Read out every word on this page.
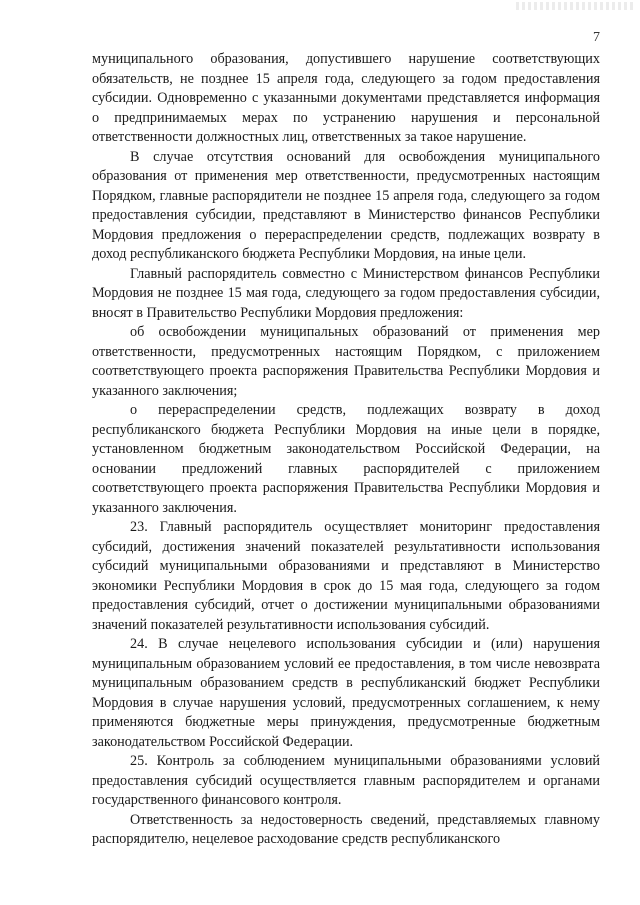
7

муниципального образования, допустившего нарушение соответствующих обязательств, не позднее 15 апреля года, следующего за годом предоставления субсидии. Одновременно с указанными документами представляется информация о предпринимаемых мерах по устранению нарушения и персональной ответственности должностных лиц, ответственных за такое нарушение.

В случае отсутствия оснований для освобождения муниципального образования от применения мер ответственности, предусмотренных настоящим Порядком, главные распорядители не позднее 15 апреля года, следующего за годом предоставления субсидии, представляют в Министерство финансов Республики Мордовия предложения о перераспределении средств, подлежащих возврату в доход республиканского бюджета Республики Мордовия, на иные цели.

Главный распорядитель совместно с Министерством финансов Республики Мордовия не позднее 15 мая года, следующего за годом предоставления субсидии, вносят в Правительство Республики Мордовия предложения:

об освобождении муниципальных образований от применения мер ответственности, предусмотренных настоящим Порядком, с приложением соответствующего проекта распоряжения Правительства Республики Мордовия и указанного заключения;

о перераспределении средств, подлежащих возврату в доход республиканского бюджета Республики Мордовия на иные цели в порядке, установленном бюджетным законодательством Российской Федерации, на основании предложений главных распорядителей с приложением соответствующего проекта распоряжения Правительства Республики Мордовия и указанного заключения.

23. Главный распорядитель осуществляет мониторинг предоставления субсидий, достижения значений показателей результативности использования субсидий муниципальными образованиями и представляют в Министерство экономики Республики Мордовия в срок до 15 мая года, следующего за годом предоставления субсидий, отчет о достижении муниципальными образованиями значений показателей результативности использования субсидий.

24. В случае нецелевого использования субсидии и (или) нарушения муниципальным образованием условий ее предоставления, в том числе невозврата муниципальным образованием средств в республиканский бюджет Республики Мордовия в случае нарушения условий, предусмотренных соглашением, к нему применяются бюджетные меры принуждения, предусмотренные бюджетным законодательством Российской Федерации.

25. Контроль за соблюдением муниципальными образованиями условий предоставления субсидий осуществляется главным распорядителем и органами государственного финансового контроля.

Ответственность за недостоверность сведений, представляемых главному распорядителю, нецелевое расходование средств республиканского
